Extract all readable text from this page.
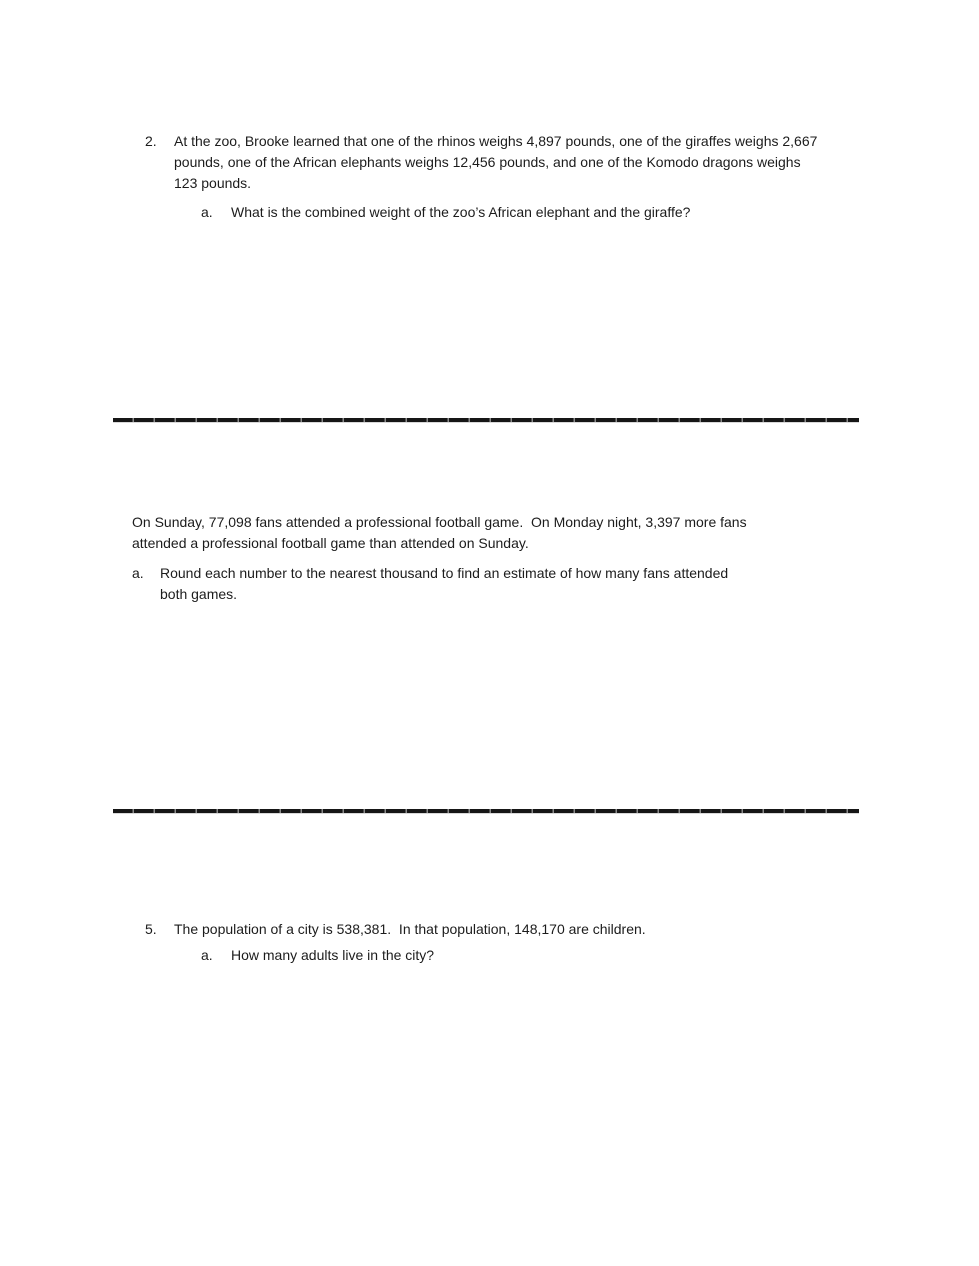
2.	At the zoo, Brooke learned that one of the rhinos weighs 4,897 pounds, one of the giraffes weighs 2,667
pounds, one of the African elephants weighs 12,456 pounds, and one of the Komodo dragons weighs
123 pounds.
a.	What is the combined weight of the zoo’s African elephant and the giraffe?
On Sunday, 77,098 fans attended a professional football game.  On Monday night, 3,397 more fans
attended a professional football game than attended on Sunday.
a.	Round each number to the nearest thousand to find an estimate of how many fans attended
both games.
5.	The population of a city is 538,381.  In that population, 148,170 are children.
a.	How many adults live in the city?
